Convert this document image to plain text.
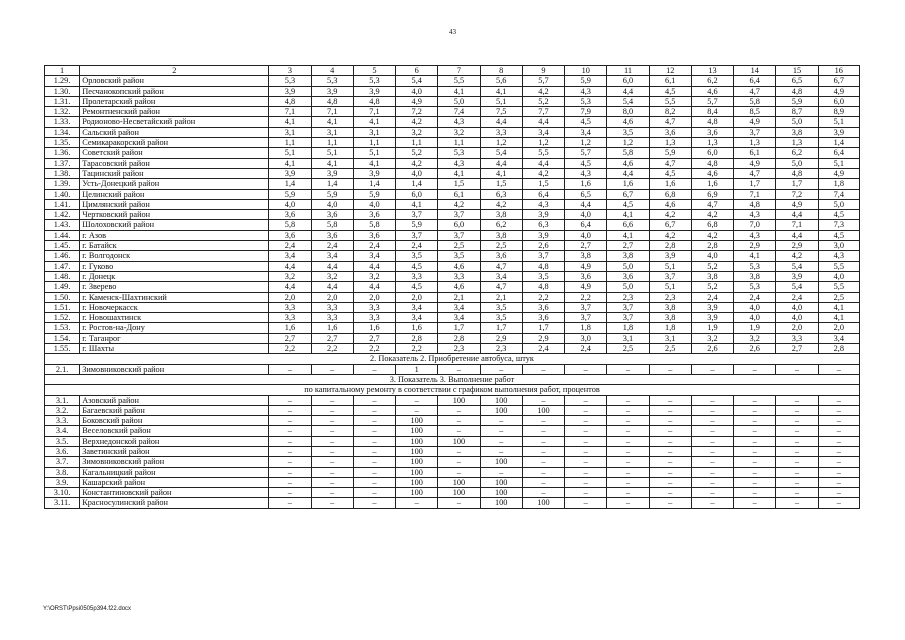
43
1	2	3	4	5	6	7	8	9	10	11	12	13	14	15	16
1.29.	Орловский район	5,3	5,3	5,3	5,4	5,5	5,6	5,7	5,9	6,0	6,1	6,2	6,4	6,5	6,7
1.30.	Песчанокопский район	3,9	3,9	3,9	4,0	4,1	4,1	4,2	4,3	4,4	4,5	4,6	4,7	4,8	4,9
1.31.	Пролетарский район	4,8	4,8	4,8	4,9	5,0	5,1	5,2	5,3	5,4	5,5	5,7	5,8	5,9	6,0
1.32.	Ремонтненский район	7,1	7,1	7,1	7,2	7,4	7,5	7,7	7,9	8,0	8,2	8,4	8,5	8,7	8,9
1.33.	Родионово-Несветайский район	4,1	4,1	4,1	4,2	4,3	4,4	4,4	4,5	4,6	4,7	4,8	4,9	5,0	5,1
1.34.	Сальский район	3,1	3,1	3,1	3,2	3,2	3,3	3,4	3,4	3,5	3,6	3,6	3,7	3,8	3,9
1.35.	Семикаракорский район	1,1	1,1	1,1	1,1	1,1	1,2	1,2	1,2	1,2	1,3	1,3	1,3	1,3	1,4
1.36.	Советский район	5,1	5,1	5,1	5,2	5,3	5,4	5,5	5,7	5,8	5,9	6,0	6,1	6,2	6,4
1.37.	Тарасовский район	4,1	4,1	4,1	4,2	4,3	4,4	4,4	4,5	4,6	4,7	4,8	4,9	5,0	5,1
1.38.	Тацинский район	3,9	3,9	3,9	4,0	4,1	4,1	4,2	4,3	4,4	4,5	4,6	4,7	4,8	4,9
1.39.	Усть-Донецкий район	1,4	1,4	1,4	1,4	1,5	1,5	1,5	1,6	1,6	1,6	1,6	1,7	1,7	1,8
1.40.	Целинский район	5,9	5,9	5,9	6,0	6,1	6,3	6,4	6,5	6,7	6,8	6,9	7,1	7,2	7,4
1.41.	Цимлянский район	4,0	4,0	4,0	4,1	4,2	4,2	4,3	4,4	4,5	4,6	4,7	4,8	4,9	5,0
1.42.	Чертковский район	3,6	3,6	3,6	3,7	3,7	3,8	3,9	4,0	4,1	4,2	4,2	4,3	4,4	4,5
1.43.	Шолоховский район	5,8	5,8	5,8	5,9	6,0	6,2	6,3	6,4	6,6	6,7	6,8	7,0	7,1	7,3
1.44.	г. Азов	3,6	3,6	3,6	3,7	3,7	3,8	3,9	4,0	4,1	4,2	4,2	4,3	4,4	4,5
1.45.	г. Батайск	2,4	2,4	2,4	2,4	2,5	2,5	2,6	2,7	2,7	2,8	2,8	2,9	2,9	3,0
1.46.	г. Волгодонск	3,4	3,4	3,4	3,5	3,5	3,6	3,7	3,8	3,8	3,9	4,0	4,1	4,2	4,3
1.47.	г. Гуково	4,4	4,4	4,4	4,5	4,6	4,7	4,8	4,9	5,0	5,1	5,2	5,3	5,4	5,5
1.48.	г. Донецк	3,2	3,2	3,2	3,3	3,3	3,4	3,5	3,6	3,6	3,7	3,8	3,8	3,9	4,0
1.49.	г. Зверево	4,4	4,4	4,4	4,5	4,6	4,7	4,8	4,9	5,0	5,1	5,2	5,3	5,4	5,5
1.50.	г. Каменск-Шахтинский	2,0	2,0	2,0	2,0	2,1	2,1	2,2	2,2	2,3	2,3	2,4	2,4	2,4	2,5
1.51.	г. Новочеркасск	3,3	3,3	3,3	3,4	3,4	3,5	3,6	3,7	3,7	3,8	3,9	4,0	4,0	4,1
1.52.	г. Новошахтинск	3,3	3,3	3,3	3,4	3,4	3,5	3,6	3,7	3,7	3,8	3,9	4,0	4,0	4,1
1.53.	г. Ростов-на-Дону	1,6	1,6	1,6	1,6	1,7	1,7	1,7	1,8	1,8	1,8	1,9	1,9	2,0	2,0
1.54.	г. Таганрог	2,7	2,7	2,7	2,8	2,8	2,9	2,9	3,0	3,1	3,1	3,2	3,2	3,3	3,4
1.55.	г. Шахты	2,2	2,2	2,2	2,2	2,3	2,3	2,4	2,4	2,5	2,5	2,6	2,6	2,7	2,8
2. Показатель 2. Приобретение автобуса, штук															
2.1.	Зимовниковский район	–	–	–	1	–	–	–	–	–	–	–	–	–	–
3. Показатель 3. Выполнение работ															
по капитальному ремонту в соответствии с графиком выполнения работ, процентов															
3.1.	Азовский район	–	–	–	–	100	100	–	–	–	–	–	–	–	–
3.2.	Багаевский район	–	–	–	–	–	100	100	–	–	–	–	–	–	–
3.3.	Боковский район	–	–	–	100	–	–	–	–	–	–	–	–	–	–
3.4.	Веселовский район	–	–	–	100	–	–	–	–	–	–	–	–	–	–
3.5.	Верхнедонской район	–	–	–	100	100	–	–	–	–	–	–	–	–	–
3.6.	Заветинский район	–	–	–	100	–	–	–	–	–	–	–	–	–	–
3.7.	Зимовниковский район	–	–	–	100	–	100	–	–	–	–	–	–	–	–
3.8.	Кагальницкий район	–	–	–	100	–	–	–	–	–	–	–	–	–	–
3.9.	Кашарский район	–	–	–	100	100	100	–	–	–	–	–	–	–	–
3.10.	Константиновский район	–	–	–	100	100	100	–	–	–	–	–	–	–	–
3.11.	Красносулинский район	–	–	–	–	–	100	100	–	–	–	–	–	–	–
Y:\ORST\Ppsi0505p394.f22.docx
